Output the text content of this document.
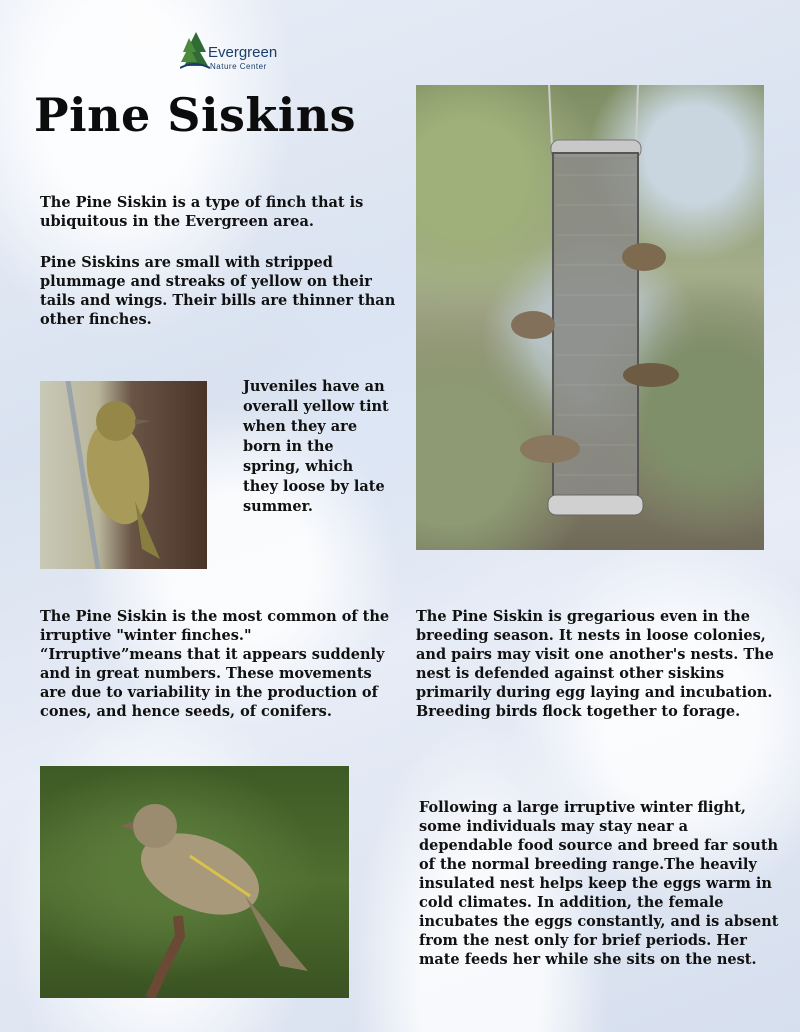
Evergreen
Nature Center
Pine Siskins

The Pine Siskin is a type of finch that is ubiquitous in the Evergreen area.

Pine Siskins are small with stripped plummage and streaks of yellow on their tails and wings. Their bills are thinner than other finches.

Juveniles have an overall yellow tint when they are born in the spring, which they loose by late summer.

The Pine Siskin is the most common of the irruptive "winter finches." “Irruptive”means that it appears suddenly and in great numbers. These movements are due to variability in the production of cones, and hence seeds, of conifers.

The Pine Siskin is gregarious even in the breeding season. It nests in loose colonies, and pairs may visit one another's nests. The nest is defended against other siskins primarily during egg laying and incubation. Breeding birds flock together to forage.

Following a large irruptive winter flight, some individuals may stay near a dependable food source and breed far south of the normal breeding range.The heavily insulated nest helps keep the eggs warm in cold climates. In addition, the female incubates the eggs constantly, and is absent from the nest only for brief periods. Her mate feeds her while she sits on the nest.
